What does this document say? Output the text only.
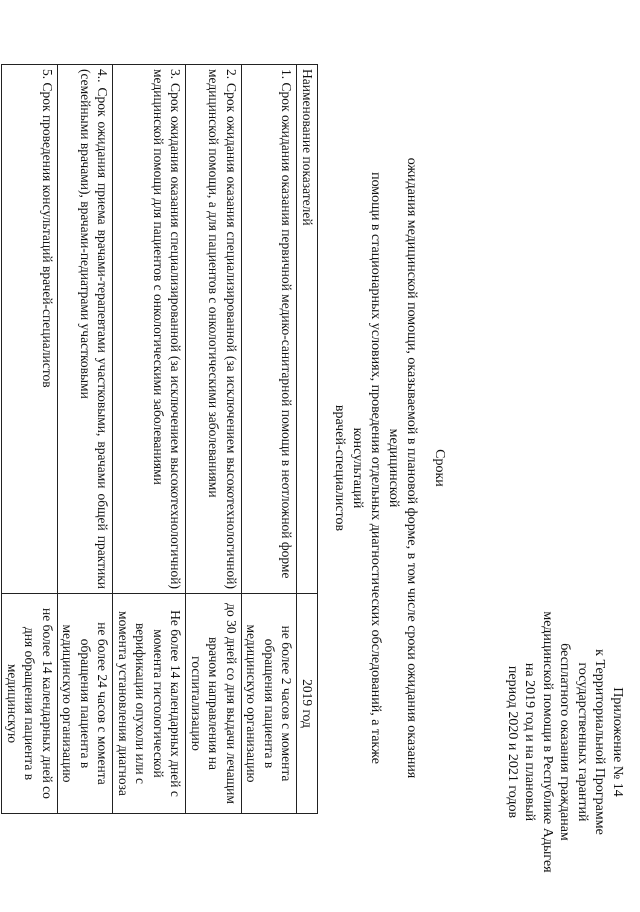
Приложение № 14
к Территориальной Программе
государственных гарантий
бесплатного оказания гражданам
медицинской помощи в Республике Адыгея
на 2019 год и на плановый
период 2020 и 2021 годов
Сроки
ожидания медицинской помощи, оказываемой в плановой форме, в том числе сроки ожидания оказания медицинской
помощи в стационарных условиях, проведения отдельных диагностических обследований, а также консультаций
врачей-специалистов
Наименование показателей	2019 год
1. Срок ожидания оказания первичной медико-санитарной помощи в неотложной форме	не более 2 часов с момента обращения пациента в медицинскую организацию
2. Срок ожидания оказания специализированной (за исключением высокотехнологичной) медицинской помощи, а для пациентов с онкологическими заболеваниями	до 30 дней со дня выдачи лечащим врачом направления на госпитализацию
3. Срок ожидания оказания специализированной (за исключением высокотехнологичной) медицинской помощи для пациентов с онкологическими заболеваниями	Не более 14 календарных дней с момента гистологической верификации опухоли или с момента установления диагноза
4.. Срок ожидания приема врачами-терапевтами участковыми, врачами общей практики (семейными врачами), врачами-педиатрами участковыми	не более 24 часов с момента обращения пациента в медицинскую организацию
5. Срок проведения консультаций врачей-специалистов	не более 14 календарных дней со дня обращения пациента в медицинскую
